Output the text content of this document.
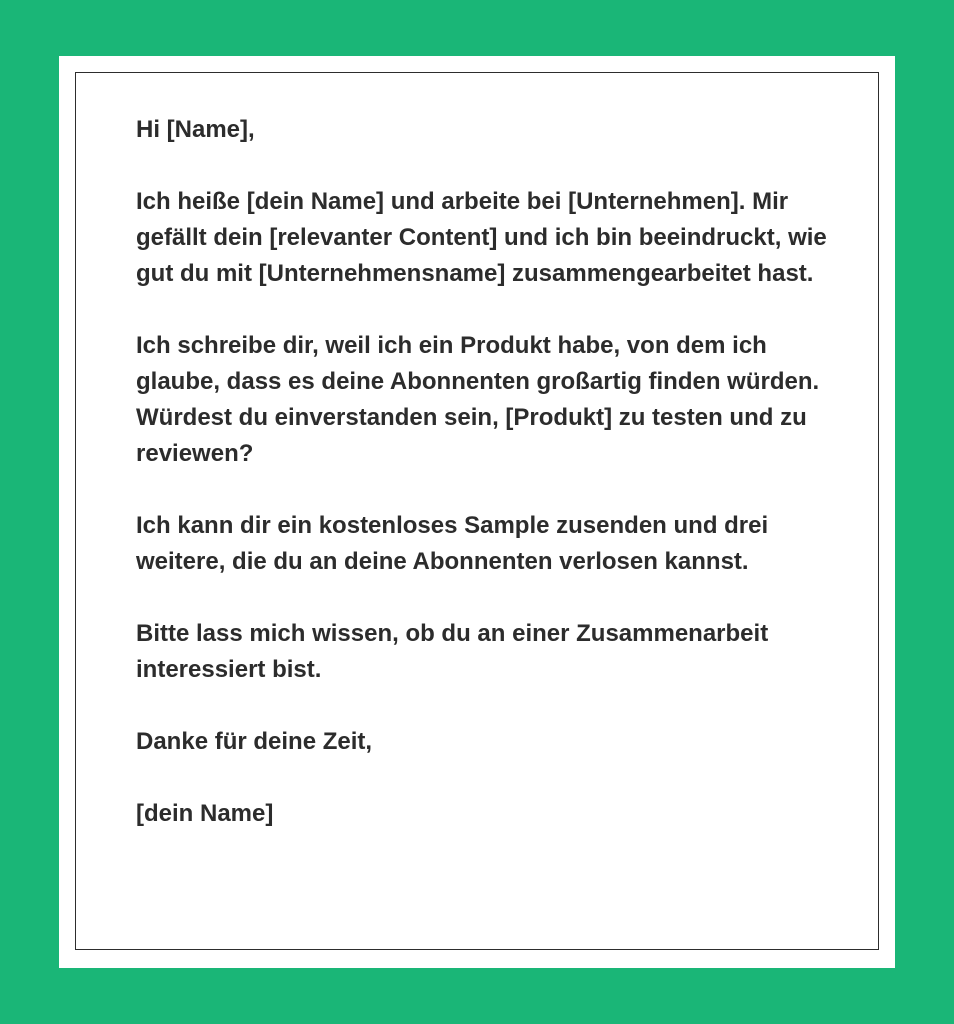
Hi [Name],

Ich heiße [dein Name] und arbeite bei [Unternehmen]. Mir gefällt dein [relevanter Content] und ich bin beeindruckt, wie gut du mit [Unternehmensname] zusammengearbeitet hast.

Ich schreibe dir, weil ich ein Produkt habe, von dem ich glaube, dass es deine Abonnenten großartig finden würden. Würdest du einverstanden sein, [Produkt] zu testen und zu reviewen?

Ich kann dir ein kostenloses Sample zusenden und drei weitere, die du an deine Abonnenten verlosen kannst.

Bitte lass mich wissen, ob du an einer Zusammenarbeit interessiert bist.

Danke für deine Zeit,

[dein Name]
